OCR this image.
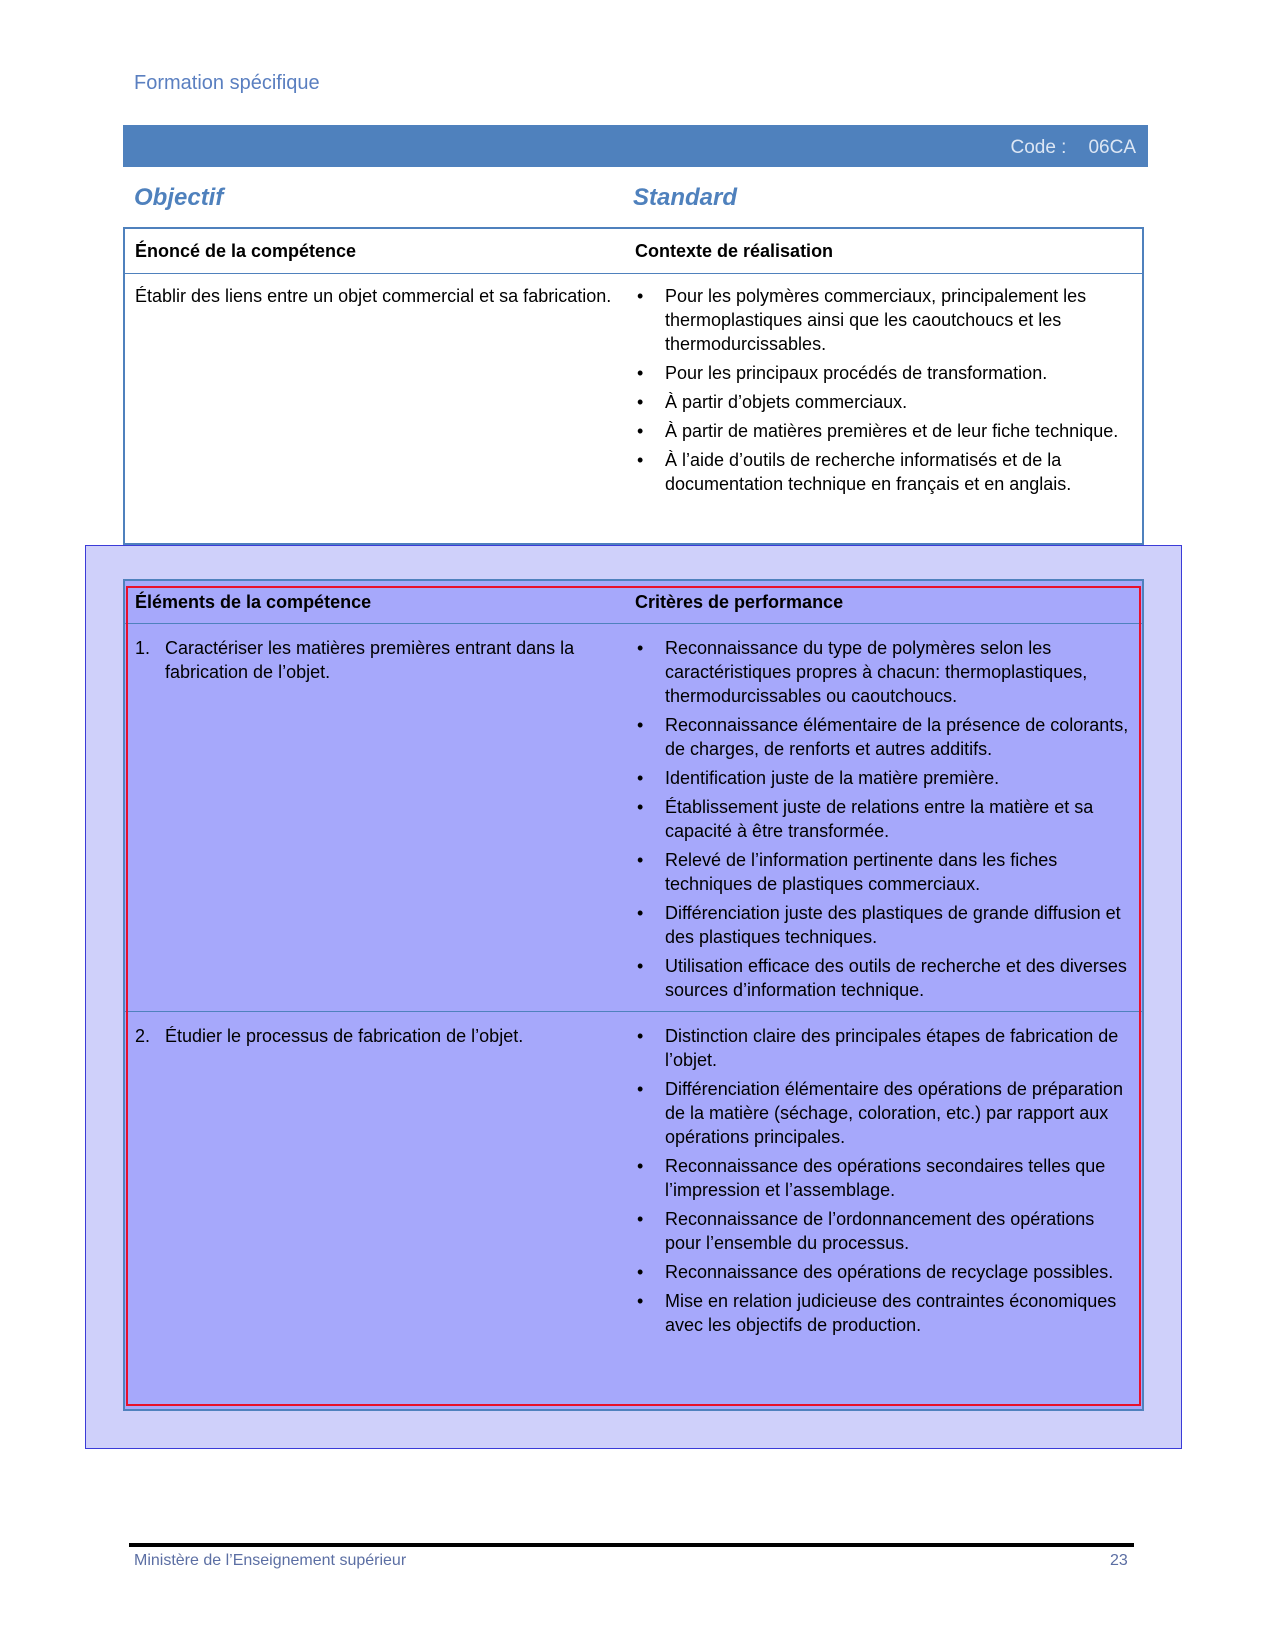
Formation spécifique
Code : 06CA
Objectif	Standard
Énoncé de la compétence	Contexte de réalisation
Établir des liens entre un objet commercial et sa fabrication.	• Pour les polymères commerciaux, principalement les thermoplastiques ainsi que les caoutchoucs et les thermodurcissables.
• Pour les principaux procédés de transformation.
• À partir d’objets commerciaux.
• À partir de matières premières et de leur fiche technique.
• À l’aide d’outils de recherche informatisés et de la documentation technique en français et en anglais.
Éléments de la compétence	Critères de performance
1. Caractériser les matières premières entrant dans la fabrication de l’objet.
• Reconnaissance du type de polymères selon les caractéristiques propres à chacun: thermoplastiques, thermodurcissables ou caoutchoucs.
• Reconnaissance élémentaire de la présence de colorants, de charges, de renforts et autres additifs.
• Identification juste de la matière première.
• Établissement juste de relations entre la matière et sa capacité à être transformée.
• Relevé de l’information pertinente dans les fiches techniques de plastiques commerciaux.
• Différenciation juste des plastiques de grande diffusion et des plastiques techniques.
• Utilisation efficace des outils de recherche et des diverses sources d’information technique.
2. Étudier le processus de fabrication de l’objet.	• Distinction claire des principales étapes de fabrication de l’objet.
• Différenciation élémentaire des opérations de préparation de la matière (séchage, coloration, etc.) par rapport aux opérations principales.
• Reconnaissance des opérations secondaires telles que l’impression et l’assemblage.
• Reconnaissance de l’ordonnancement des opérations pour l’ensemble du processus.
• Reconnaissance des opérations de recyclage possibles.
• Mise en relation judicieuse des contraintes économiques avec les objectifs de production.
Ministère de l’Enseignement supérieur	23
